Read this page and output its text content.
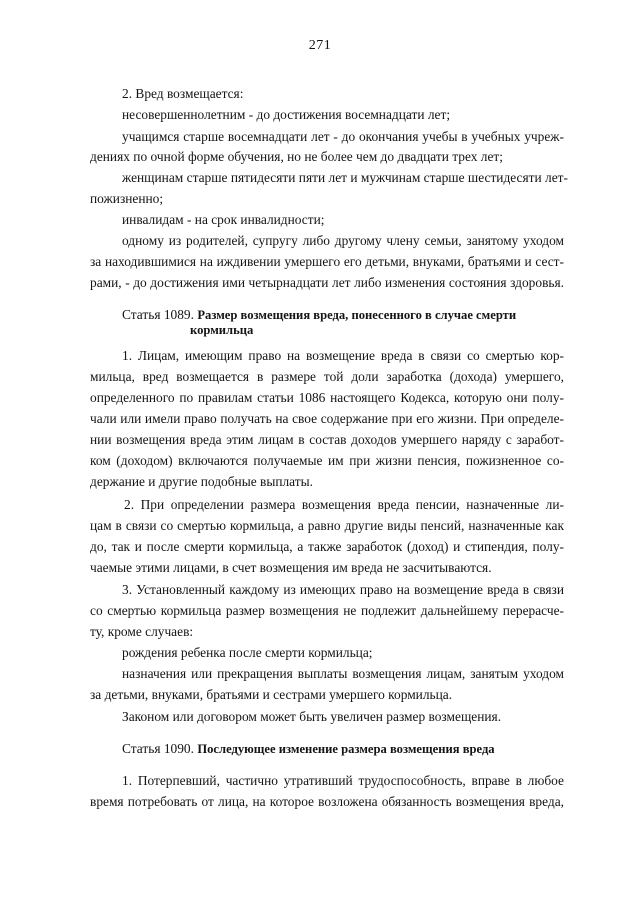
271
2. Вред возмещается:
несовершеннолетним - до достижения восемнадцати лет;
учащимся старше восемнадцати лет - до окончания учебы в учебных учреж-
дениях по очной форме обучения, но не более чем до двадцати трех лет;
женщинам старше пятидесяти пяти лет и мужчинам старше шестидесяти лет-
пожизненно;
инвалидам - на срок инвалидности;
одному из родителей, супругу либо другому члену семьи, занятому уходом
за находившимися на иждивении умершего его детьми, внуками, братьями и сест-
рами, - до достижения ими четырнадцати лет либо изменения состояния здоровья.
Статья 1089. Размер возмещения вреда, понесенного в случае смерти
кормильца
1. Лицам, имеющим право на возмещение вреда в связи со смертью кор-
мильца, вред возмещается в размере той доли заработка (дохода) умершего,
определенного по правилам статьи 1086 настоящего Кодекса, которую они полу-
чали или имели право получать на свое содержание при его жизни. При определе-
нии возмещения вреда этим лицам в состав доходов умершего наряду с заработ-
ком (доходом) включаются получаемые им при жизни пенсия, пожизненное со-
держание и другие подобные выплаты.
2. При определении размера возмещения вреда пенсии, назначенные ли-
цам в связи со смертью кормильца, а равно другие виды пенсий, назначенные как
до, так и после смерти кормильца, а также заработок (доход) и стипендия, полу-
чаемые этими лицами, в счет возмещения им вреда не засчитываются.
3. Установленный каждому из имеющих право на возмещение вреда в связи
со смертью кормильца размер возмещения не подлежит дальнейшему перерасче-
ту, кроме случаев:
рождения ребенка после смерти кормильца;
назначения или прекращения выплаты возмещения лицам, занятым уходом
за детьми, внуками, братьями и сестрами умершего кормильца.
Законом или договором может быть увеличен размер возмещения.
Статья 1090. Последующее изменение размера возмещения вреда
1. Потерпевший, частично утративший трудоспособность, вправе в любое
время потребовать от лица, на которое возложена обязанность возмещения вреда,
